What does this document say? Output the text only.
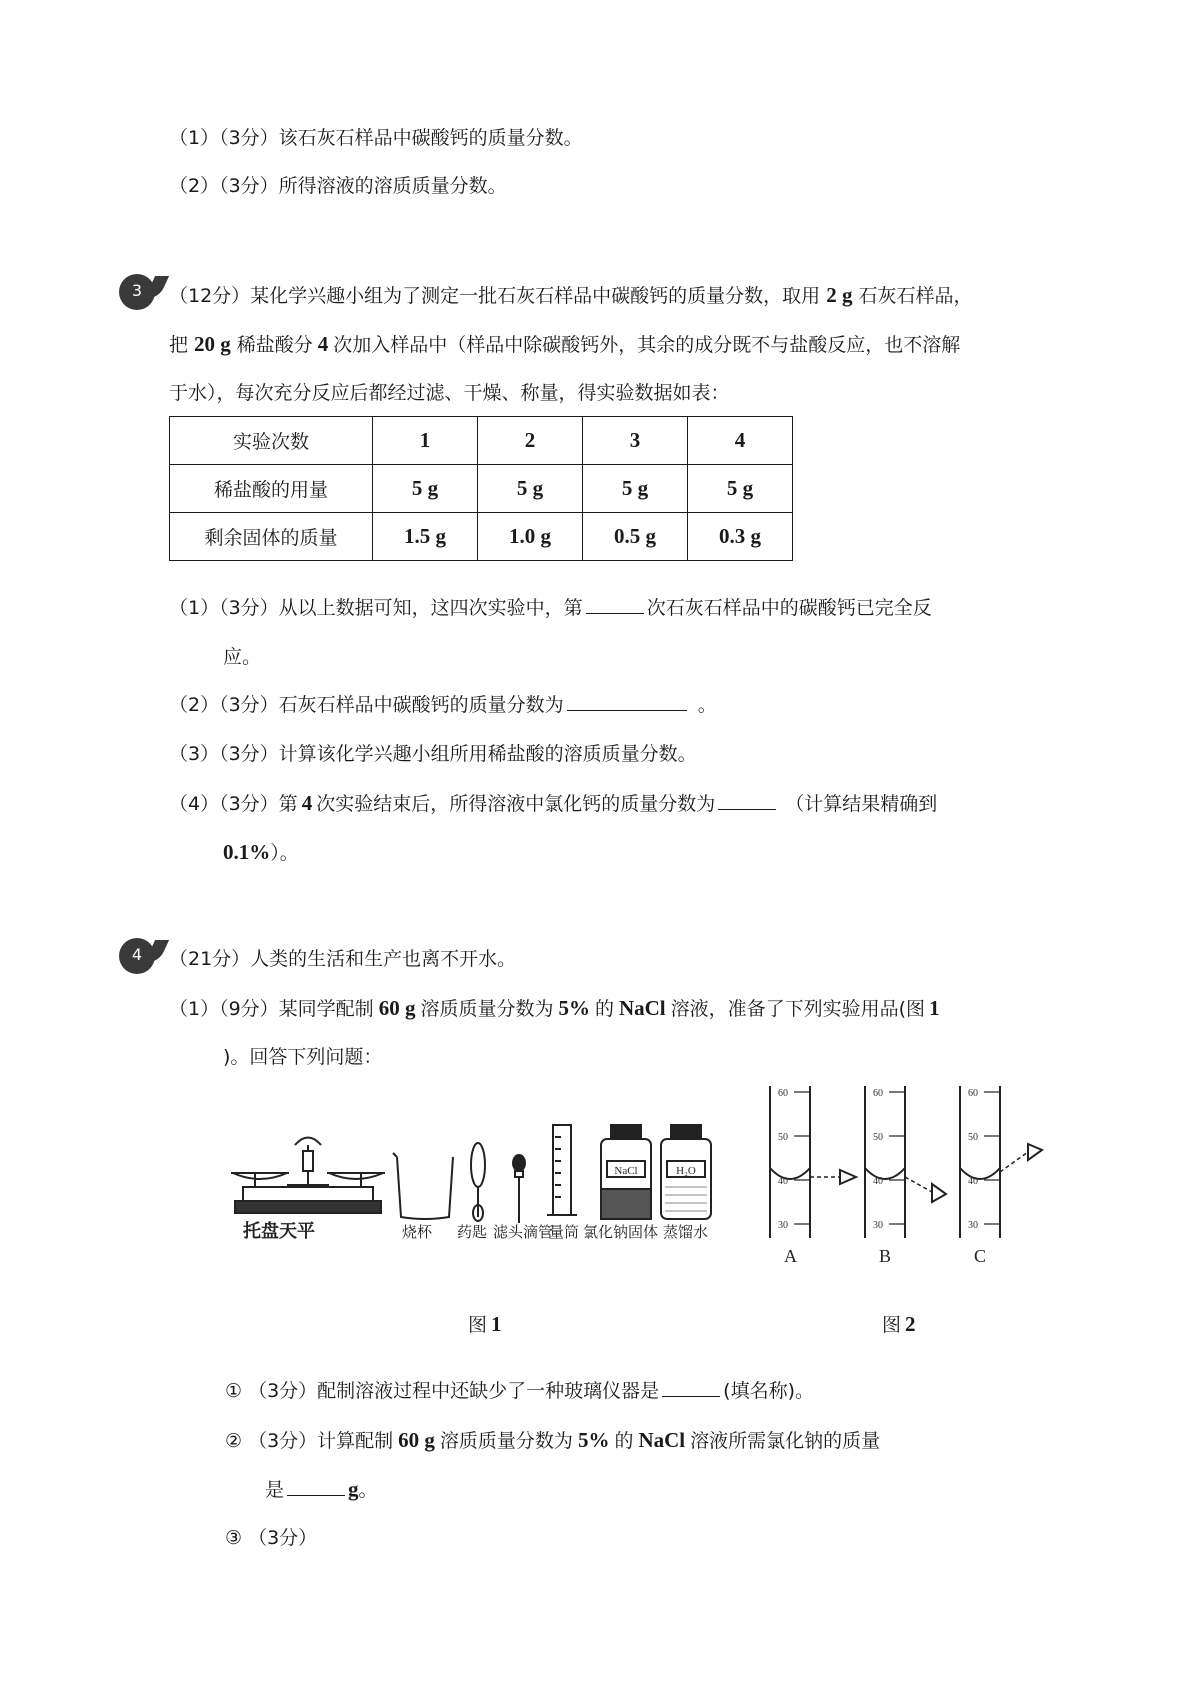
（1）（3分）该石灰石样品中碳酸钙的质量分数。
（2）（3分）所得溶液的溶质质量分数。
3	（12分）某化学兴趣小组为了测定一批石灰石样品中碳酸钙的质量分数，取用 2 g 石灰石样品，
把 20 g 稀盐酸分 4 次加入样品中（样品中除碳酸钙外，其余的成分既不与盐酸反应，也不溶解
于水），每次充分反应后都经过滤、干燥、称量，得实验数据如表：
实验次数	1	2	3	4
稀盐酸的用量	5 g	5 g	5 g	5 g
剩余固体的质量	1.5 g	1.0 g	0.5 g	0.3 g
（1）（3分）从以上数据可知，这四次实验中，第	次石灰石样品中的碳酸钙已完全反
应。
（2）（3分）石灰石样品中碳酸钙的质量分数为	。
（3）（3分）计算该化学兴趣小组所用稀盐酸的溶质质量分数。
（4）（3分）第 4 次实验结束后，所得溶液中氯化钙的质量分数为	（计算结果精确到
0.1%）。
4	（21分）人类的生活和生产也离不开水。
（1）（9分）某同学配制 60 g 溶质质量分数为 5% 的 NaCl 溶液，准备了下列实验用品(图 1
)。回答下列问题：
NaCl	H₂O
托盘天平	烧杯 药匙 滤头滴管
量筒 氯化钠固体 蒸馏水
60
50
40
30
60
50
40
30
60
50
40
30
A	B	C
图 1	图 2
① （3分）配制溶液过程中还缺少了一种玻璃仪器是	(填名称)。
② （3分）计算配制 60 g 溶质质量分数为 5% 的 NaCl 溶液所需氯化钠的质量
是	g。
③ （3分）
